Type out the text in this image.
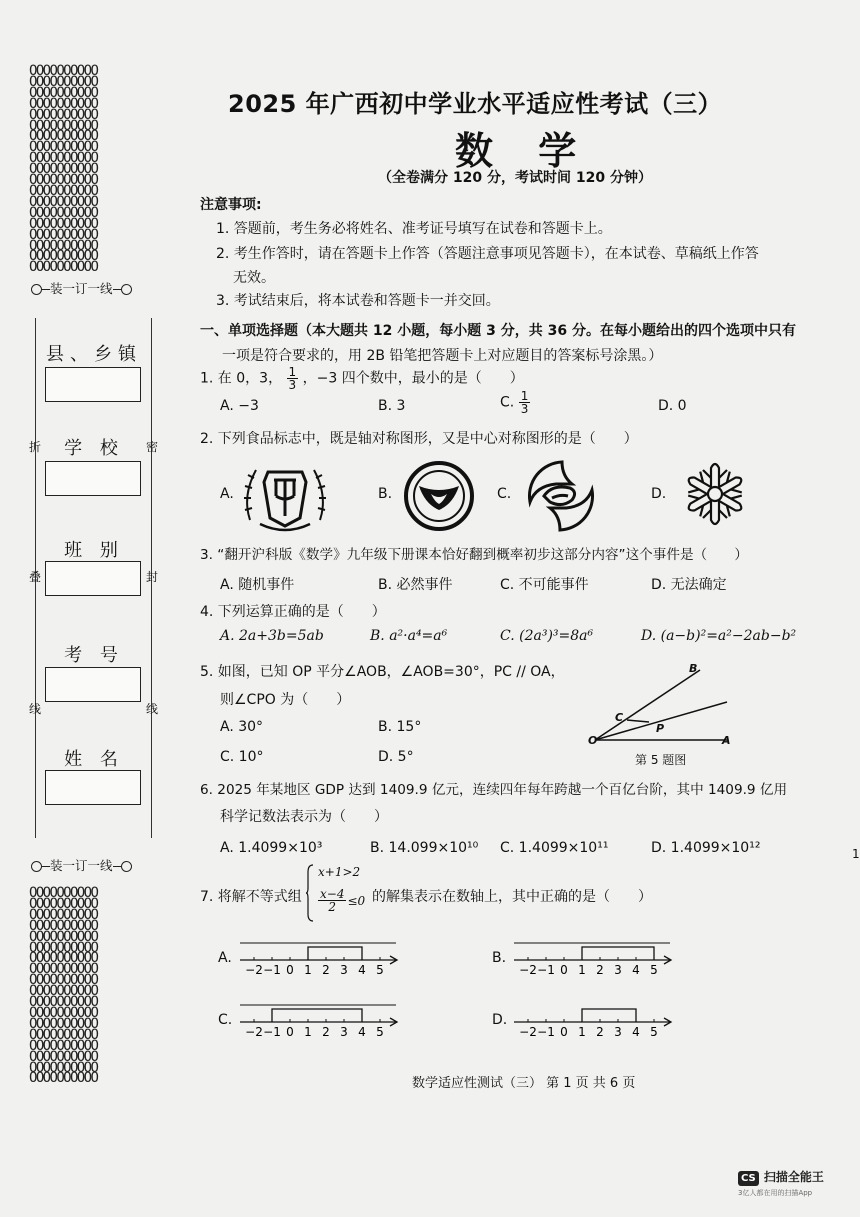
OOOOOOOOOO
OOOOOOOOOO
OOOOOOOOOO
OOOOOOOOOO
OOOOOOOOOO
OOOOOOOOOO
OOOOOOOOOO
OOOOOOOOOO
OOOOOOOOOO
OOOOOOOOOO
OOOOOOOOOO
OOOOOOOOOO
OOOOOOOOOO
OOOOOOOOOO
OOOOOOOOOO
OOOOOOOOOO
OOOOOOOOOO
OOOOOOOOOO
OOOOOOOOOO
装一订一线
县、乡镇
学 校
班 别
考 号
姓 名
折
叠
线
密
封
线
装一订一线
OOOOOOOOOO
OOOOOOOOOO
OOOOOOOOOO
OOOOOOOOOO
OOOOOOOOOO
OOOOOOOOOO
OOOOOOOOOO
OOOOOOOOOO
OOOOOOOOOO
OOOOOOOOOO
OOOOOOOOOO
OOOOOOOOOO
OOOOOOOOOO
OOOOOOOOOO
OOOOOOOOOO
OOOOOOOOOO
OOOOOOOOOO
OOOOOOOOOO
2025 年广西初中学业水平适应性考试（三）
数 学
（全卷满分 120 分，考试时间 120 分钟）
注意事项:
1. 答题前，考生务必将姓名、准考证号填写在试卷和答题卡上。
2. 考生作答时，请在答题卡上作答（答题注意事项见答题卡），在本试卷、草稿纸上作答
无效。
3. 考试结束后，将本试卷和答题卡一并交回。
一、单项选择题（本大题共 12 小题，每小题 3 分，共 36 分。在每小题给出的四个选项中只有
一项是符合要求的，用 2B 铅笔把答题卡上对应题目的答案标号涂黑。）
1. 在 0，3， $\frac{1}{3}$ ，−3 四个数中，最小的是（　　）
A. −3	B. 3	C. $\frac{1}{3}$	D. 0
2. 下列食品标志中，既是轴对称图形，又是中心对称图形的是（　　）
A.	B.	C.	D.
3. “翻开沪科版《数学》九年级下册课本恰好翻到概率初步这部分内容”这个事件是（　　）
A. 随机事件	B. 必然事件	C. 不可能事件	D. 无法确定
4. 下列运算正确的是（　　）
A. 2a+3b=5ab	B. a²·a⁴=a⁶	C. (2a³)³=8a⁶	D. (a−b)²=a²−2ab−b²
5. 如图，已知 OP 平分∠AOB，∠AOB=30°，PC // OA，
则∠CPO 为（　　）
A. 30°	B. 15°
C. 10°	D. 5°
B
C
P
O	A
第 5 题图
6. 2025 年某地区 GDP 达到 1409.9 亿元，连续四年每年跨越一个百亿台阶，其中 1409.9 亿用
科学记数法表示为（　　）
A. 1.4099×10³	B. 14.099×10¹⁰ C. 1.4099×10¹¹	D. 1.4099×10¹²
7. 将解不等式组
x+1>2
$\frac{x-4}{2} \le 0$ 的解集表示在数轴上，其中正确的是（　　）
A.	B.
C.	D.
−2 −1 0 1 2 3 4 5	−2 −1 0 1 2 3 4 5
−2 −1 0 1 2 3 4 5	−2 −1 0 1 2 3 4 5
数学适应性测试（三） 第 1 页 共 6 页
CS 扫描全能王
3亿人都在用的扫描App
1
